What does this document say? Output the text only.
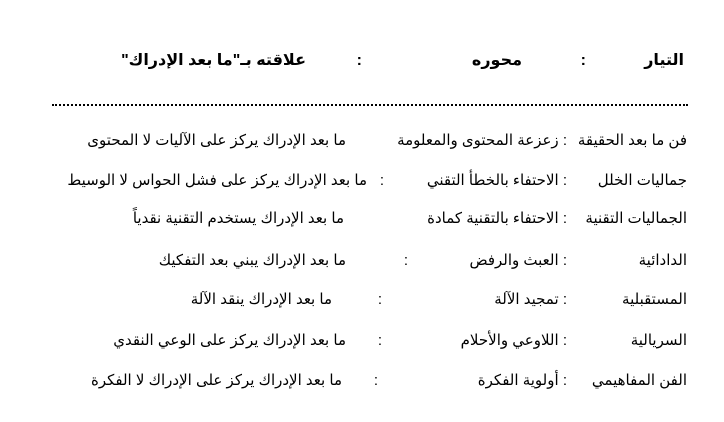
التيار
:
محوره
:
علاقته بـ"ما بعد الإدراك"
فن ما بعد الحقيقة
: زعزعة المحتوى والمعلومة
ما بعد الإدراك يركز على الآليات لا المحتوى
جماليات الخلل
: الاحتفاء بالخطأ التقني
:
ما بعد الإدراك يركز على فشل الحواس لا الوسيط
الجماليات التقنية
: الاحتفاء بالتقنية كمادة
ما بعد الإدراك يستخدم التقنية نقدياً
الدادائية
: العبث والرفض
:
ما بعد الإدراك يبني بعد التفكيك
المستقبلية
: تمجيد الآلة
:
ما بعد الإدراك ينقد الآلة
السريالية
: اللاوعي والأحلام
:
ما بعد الإدراك يركز على الوعي النقدي
الفن المفاهيمي
: أولوية الفكرة
:
ما بعد الإدراك يركز على الإدراك لا الفكرة
